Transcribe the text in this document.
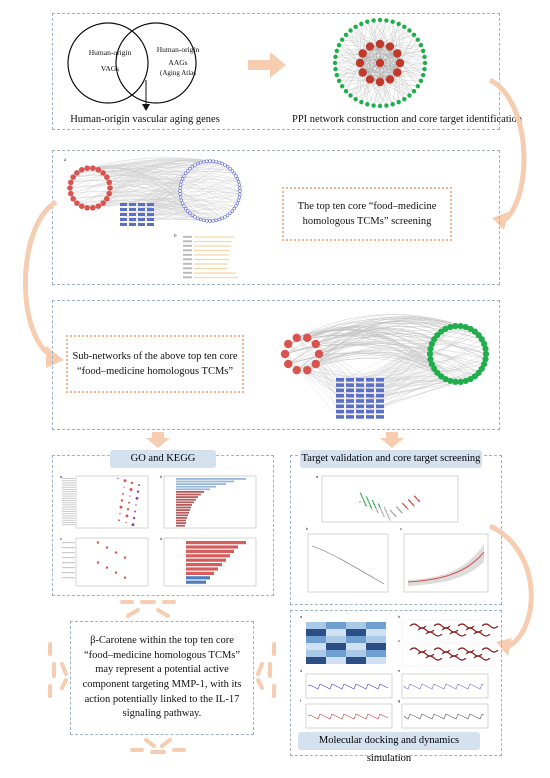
Human-origin
VAGs
Human-origin
AAGs
(Aging Atlas
Human-origin vascular aging genes	PPI network construction and core target identification
a
b
The top ten core “food–medicine homologous TCMs” screening
Sub-networks of the above top ten core “food–medicine homologous TCMs”
GO and KEGG
a	b
c	d
Target validation and core target screening
a
b	c
β-Carotene within the top ten core “food–medicine homologous TCMs” may represent a potential active component targeting MMP-1, with its action potentially linked to the IL-17 signaling pathway.
a	b
c
d	e
f	g
Molecular docking and dynamics simulation
